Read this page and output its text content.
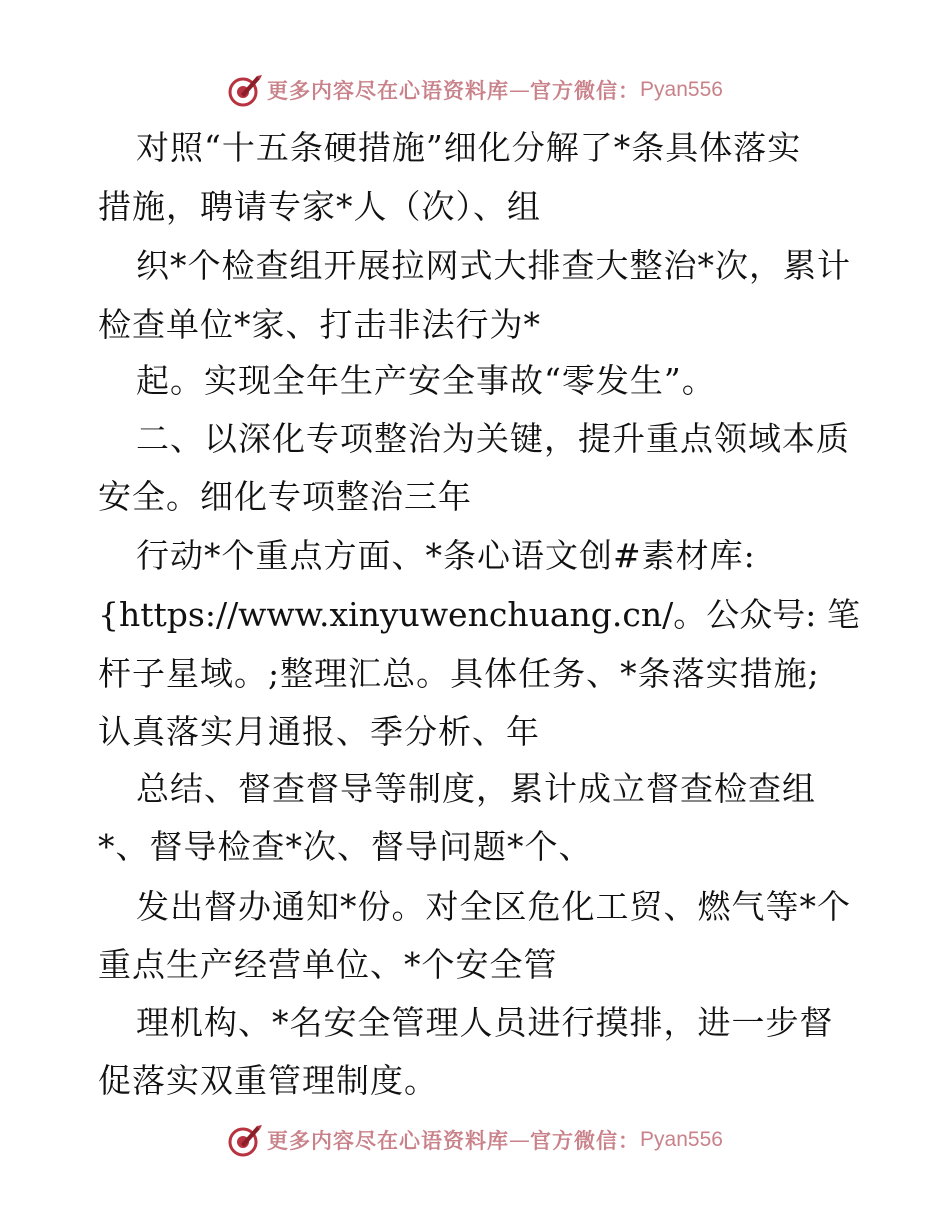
更多内容尽在心语资料库 — 官方微信： Pyan556
对照“十五条硬措施”细化分解了*条具体落实
措施，聘请专家*人（次）、组
织*个检查组开展拉网式大排查大整治*次，累计
检查单位*家、打击非法行为*
起。实现全年生产安全事故“零发生”。
二、以深化专项整治为关键，提升重点领域本质
安全。细化专项整治三年
行动*个重点方面、*条心语文创#素材库:
{https://www.xinyuwenchuang.cn/。公众号: 笔
杆子星域。;整理汇总。具体任务、*条落实措施;
认真落实月通报、季分析、年
总结、督查督导等制度，累计成立督查检查组
*、督导检查*次、督导问题*个、
发出督办通知*份。对全区危化工贸、燃气等*个
重点生产经营单位、*个安全管
理机构、*名安全管理人员进行摸排，进一步督
促落实双重管理制度。
更多内容尽在心语资料库 — 官方微信： Pyan556
